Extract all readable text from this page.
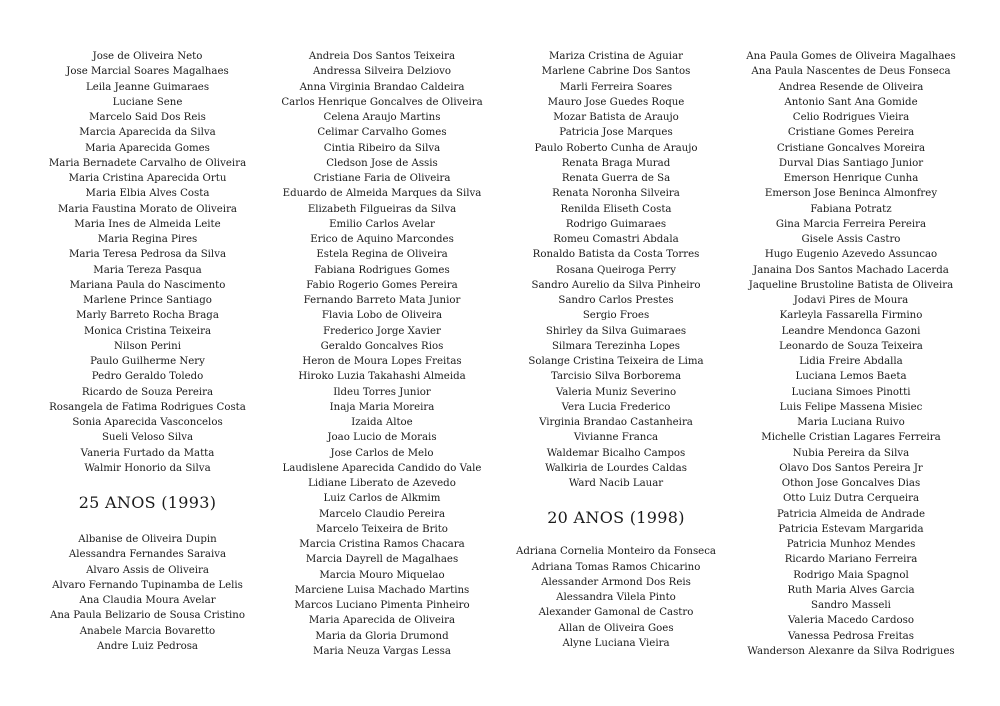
Jose de Oliveira Neto
Jose Marcial Soares Magalhaes
Leila Jeanne Guimaraes
Luciane Sene
Marcelo Said Dos Reis
Marcia Aparecida da Silva
Maria Aparecida Gomes
Maria Bernadete Carvalho de Oliveira
Maria Cristina Aparecida Ortu
Maria Elbia Alves Costa
Maria Faustina Morato de Oliveira
Maria Ines de Almeida Leite
Maria Regina Pires
Maria Teresa Pedrosa da Silva
Maria Tereza Pasqua
Mariana Paula do Nascimento
Marlene Prince Santiago
Marly Barreto Rocha Braga
Monica Cristina Teixeira
Nilson Perini
Paulo Guilherme Nery
Pedro Geraldo Toledo
Ricardo de Souza Pereira
Rosangela de Fatima Rodrigues Costa
Sonia Aparecida Vasconcelos
Sueli Veloso Silva
Vaneria Furtado da Matta
Walmir Honorio da Silva
25 ANOS (1993)
Albanise de Oliveira Dupin
Alessandra Fernandes Saraiva
Alvaro Assis de Oliveira
Alvaro Fernando Tupinamba de Lelis
Ana Claudia Moura Avelar
Ana Paula Belizario de Sousa Cristino
Anabele Marcia Bovaretto
Andre Luiz Pedrosa
Andreia Dos Santos Teixeira
Andressa Silveira Delziovo
Anna Virginia Brandao Caldeira
Carlos Henrique Goncalves de Oliveira
Celena Araujo Martins
Celimar Carvalho Gomes
Cintia Ribeiro da Silva
Cledson Jose de Assis
Cristiane Faria de Oliveira
Eduardo de Almeida Marques da Silva
Elizabeth Filgueiras da Silva
Emilio Carlos Avelar
Erico de Aquino Marcondes
Estela Regina de Oliveira
Fabiana Rodrigues Gomes
Fabio Rogerio Gomes Pereira
Fernando Barreto Mata Junior
Flavia Lobo de Oliveira
Frederico Jorge Xavier
Geraldo Goncalves Rios
Heron de Moura Lopes Freitas
Hiroko Luzia Takahashi Almeida
Ildeu Torres Junior
Inaja Maria Moreira
Izaida Altoe
Joao Lucio de Morais
Jose Carlos de Melo
Laudislene Aparecida Candido do Vale
Lidiane Liberato de Azevedo
Luiz Carlos de Alkmim
Marcelo Claudio Pereira
Marcelo Teixeira de Brito
Marcia Cristina Ramos Chacara
Marcia Dayrell de Magalhaes
Marcia Mouro Miquelao
Marciene Luisa Machado Martins
Marcos Luciano Pimenta Pinheiro
Maria Aparecida de Oliveira
Maria da Gloria Drumond
Maria Neuza Vargas Lessa
Mariza Cristina de Aguiar
Marlene Cabrine Dos Santos
Marli Ferreira Soares
Mauro Jose Guedes Roque
Mozar Batista de Araujo
Patricia Jose Marques
Paulo Roberto Cunha de Araujo
Renata Braga Murad
Renata Guerra de Sa
Renata Noronha Silveira
Renilda Eliseth Costa
Rodrigo Guimaraes
Romeu Comastri Abdala
Ronaldo Batista da Costa Torres
Rosana Queiroga Perry
Sandro Aurelio da Silva Pinheiro
Sandro Carlos Prestes
Sergio Froes
Shirley da Silva Guimaraes
Silmara Terezinha Lopes
Solange Cristina Teixeira de Lima
Tarcisio Silva Borborema
Valeria Muniz Severino
Vera Lucia Frederico
Virginia Brandao Castanheira
Vivianne Franca
Waldemar Bicalho Campos
Walkiria de Lourdes Caldas
Ward Nacib Lauar
20 ANOS (1998)
Adriana Cornelia Monteiro da Fonseca
Adriana Tomas Ramos Chicarino
Alessander Armond Dos Reis
Alessandra Vilela Pinto
Alexander Gamonal de Castro
Allan de Oliveira Goes
Alyne Luciana Vieira
Ana Paula Gomes de Oliveira Magalhaes
Ana Paula Nascentes de Deus Fonseca
Andrea Resende de Oliveira
Antonio Sant Ana Gomide
Celio Rodrigues Vieira
Cristiane Gomes Pereira
Cristiane Goncalves Moreira
Durval Dias Santiago Junior
Emerson Henrique Cunha
Emerson Jose Beninca Almonfrey
Fabiana Potratz
Gina Marcia Ferreira Pereira
Gisele Assis Castro
Hugo Eugenio Azevedo Assuncao
Janaina Dos Santos Machado Lacerda
Jaqueline Brustoline Batista de Oliveira
Jodavi Pires de Moura
Karleyla Fassarella Firmino
Leandre Mendonca Gazoni
Leonardo de Souza Teixeira
Lidia Freire Abdalla
Luciana Lemos Baeta
Luciana Simoes Pinotti
Luis Felipe Massena Misiec
Maria Luciana Ruivo
Michelle Cristian Lagares Ferreira
Nubia Pereira da Silva
Olavo Dos Santos Pereira Jr
Othon Jose Goncalves Dias
Otto Luiz Dutra Cerqueira
Patricia Almeida de Andrade
Patricia Estevam Margarida
Patricia Munhoz Mendes
Ricardo Mariano Ferreira
Rodrigo Maia Spagnol
Ruth Maria Alves Garcia
Sandro Masseli
Valeria Macedo Cardoso
Vanessa Pedrosa Freitas
Wanderson Alexanre da Silva Rodrigues
